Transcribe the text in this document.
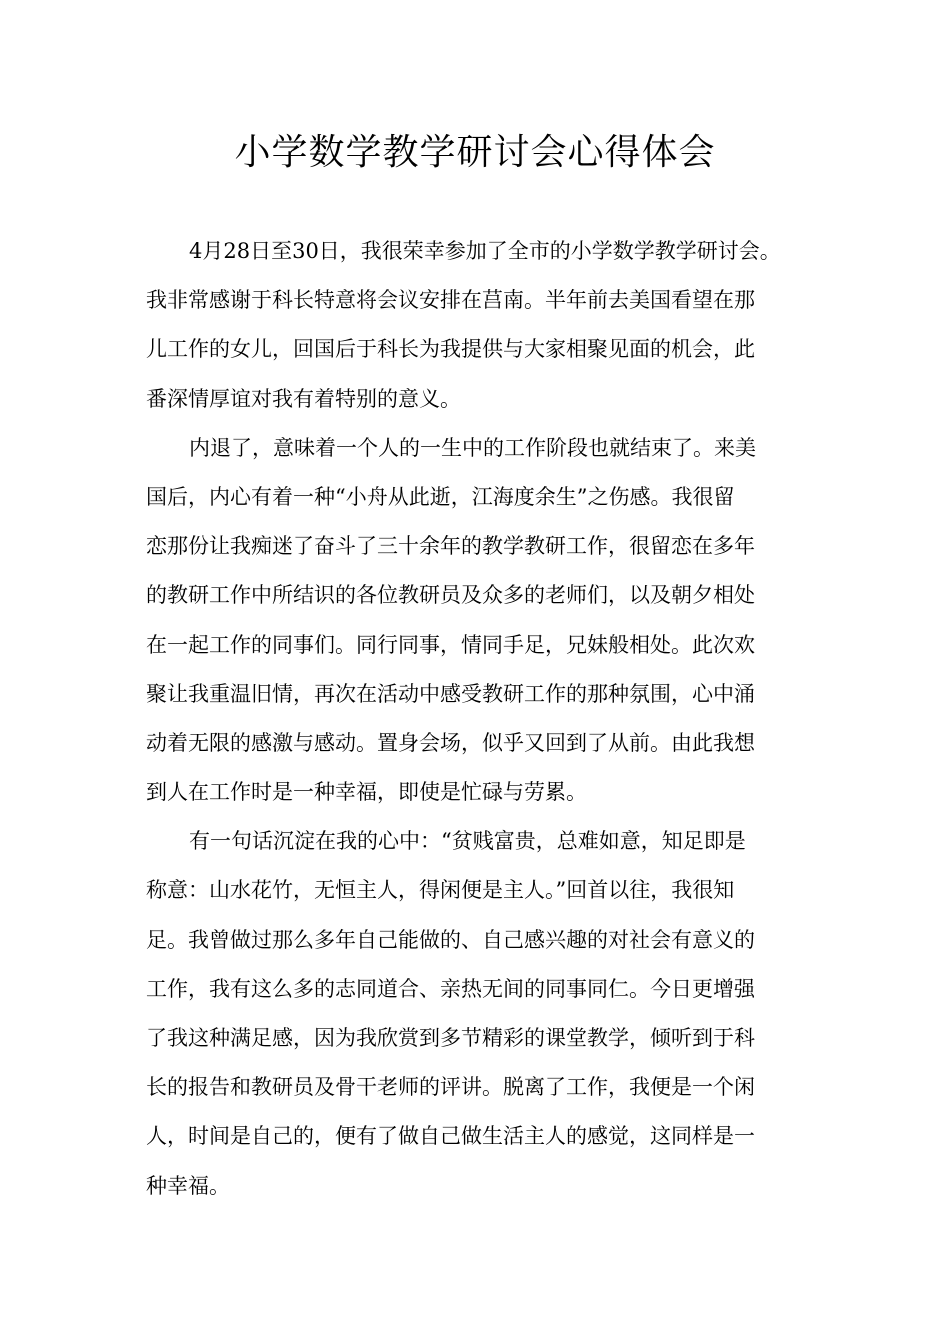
小学数学教学研讨会心得体会
4月28日至30日，我很荣幸参加了全市的小学数学教学研讨会。
我非常感谢于科长特意将会议安排在莒南。半年前去美国看望在那
儿工作的女儿，回国后于科长为我提供与大家相聚见面的机会，此
番深情厚谊对我有着特别的意义。
内退了，意味着一个人的一生中的工作阶段也就结束了。来美
国后，内心有着一种“小舟从此逝，江海度余生”之伤感。我很留
恋那份让我痴迷了奋斗了三十余年的教学教研工作，很留恋在多年
的教研工作中所结识的各位教研员及众多的老师们，以及朝夕相处
在一起工作的同事们。同行同事，情同手足，兄妹般相处。此次欢
聚让我重温旧情，再次在活动中感受教研工作的那种氛围，心中涌
动着无限的感激与感动。置身会场，似乎又回到了从前。由此我想
到人在工作时是一种幸福，即使是忙碌与劳累。
有一句话沉淀在我的心中：“贫贱富贵，总难如意，知足即是
称意：山水花竹，无恒主人，得闲便是主人。”回首以往，我很知
足。我曾做过那么多年自己能做的、自己感兴趣的对社会有意义的
工作，我有这么多的志同道合、亲热无间的同事同仁。今日更增强
了我这种满足感，因为我欣赏到多节精彩的课堂教学，倾听到于科
长的报告和教研员及骨干老师的评讲。脱离了工作，我便是一个闲
人，时间是自己的，便有了做自己做生活主人的感觉，这同样是一
种幸福。
